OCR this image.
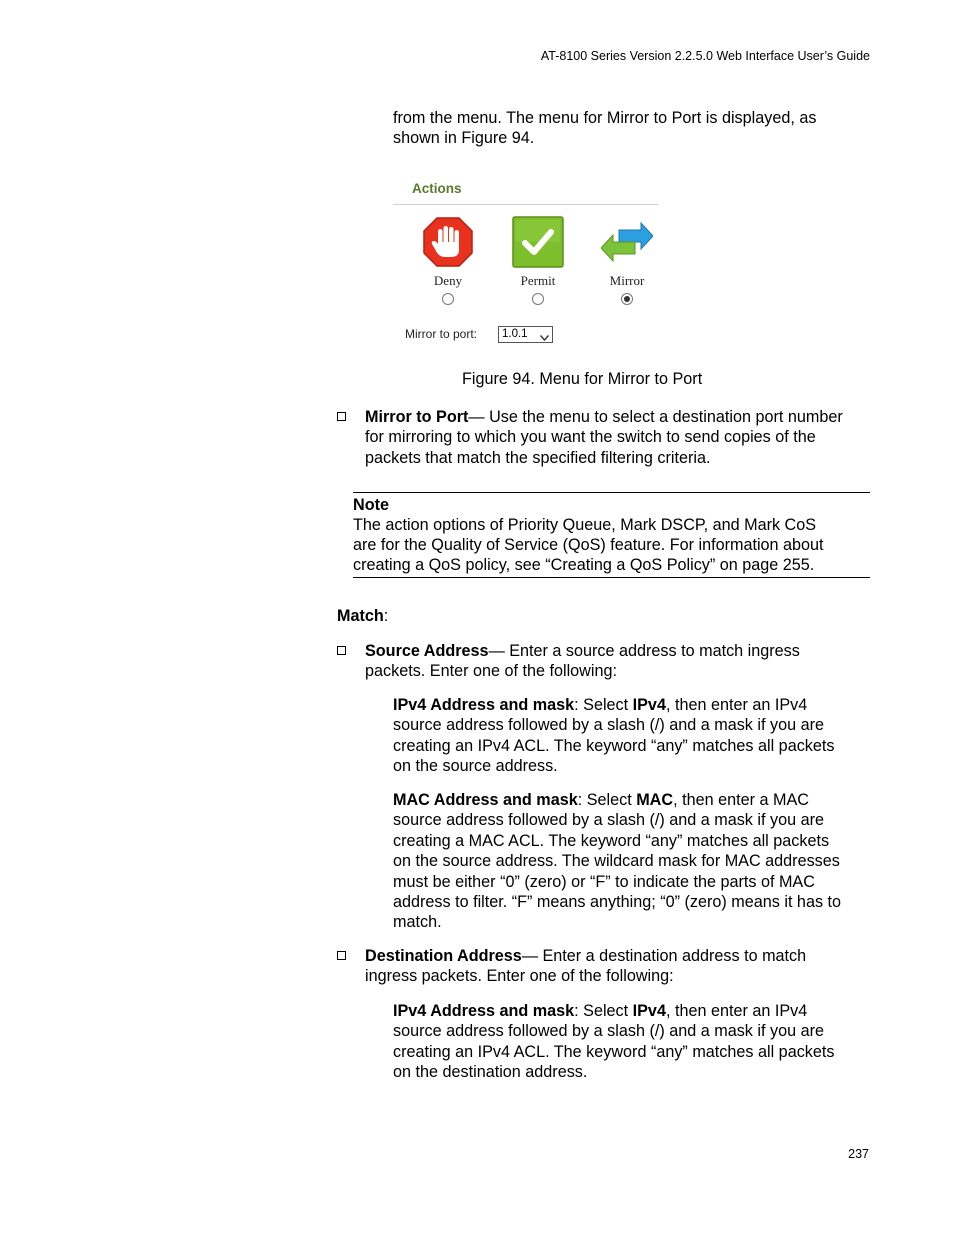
AT-8100 Series Version 2.2.5.0 Web Interface User’s Guide
from the menu. The menu for Mirror to Port is displayed, as
shown in Figure 94.
Actions
Deny	Permit	Mirror
Mirror to port:	1.0.1
Figure 94. Menu for Mirror to Port
Mirror to Port— Use the menu to select a destination port number
for mirroring to which you want the switch to send copies of the
packets that match the specified filtering criteria.
Note
The action options of Priority Queue, Mark DSCP, and Mark CoS
are for the Quality of Service (QoS) feature. For information about
creating a QoS policy, see “Creating a QoS Policy” on page 255.
Match:
Source Address— Enter a source address to match ingress
packets. Enter one of the following:
IPv4 Address and mask: Select IPv4, then enter an IPv4
source address followed by a slash (/) and a mask if you are
creating an IPv4 ACL. The keyword “any” matches all packets
on the source address.
MAC Address and mask: Select MAC, then enter a MAC
source address followed by a slash (/) and a mask if you are
creating a MAC ACL. The keyword “any” matches all packets
on the source address. The wildcard mask for MAC addresses
must be either “0” (zero) or “F” to indicate the parts of MAC
address to filter. “F” means anything; “0” (zero) means it has to
match.
Destination Address— Enter a destination address to match
ingress packets. Enter one of the following:
IPv4 Address and mask: Select IPv4, then enter an IPv4
source address followed by a slash (/) and a mask if you are
creating an IPv4 ACL. The keyword “any” matches all packets
on the destination address.
237
